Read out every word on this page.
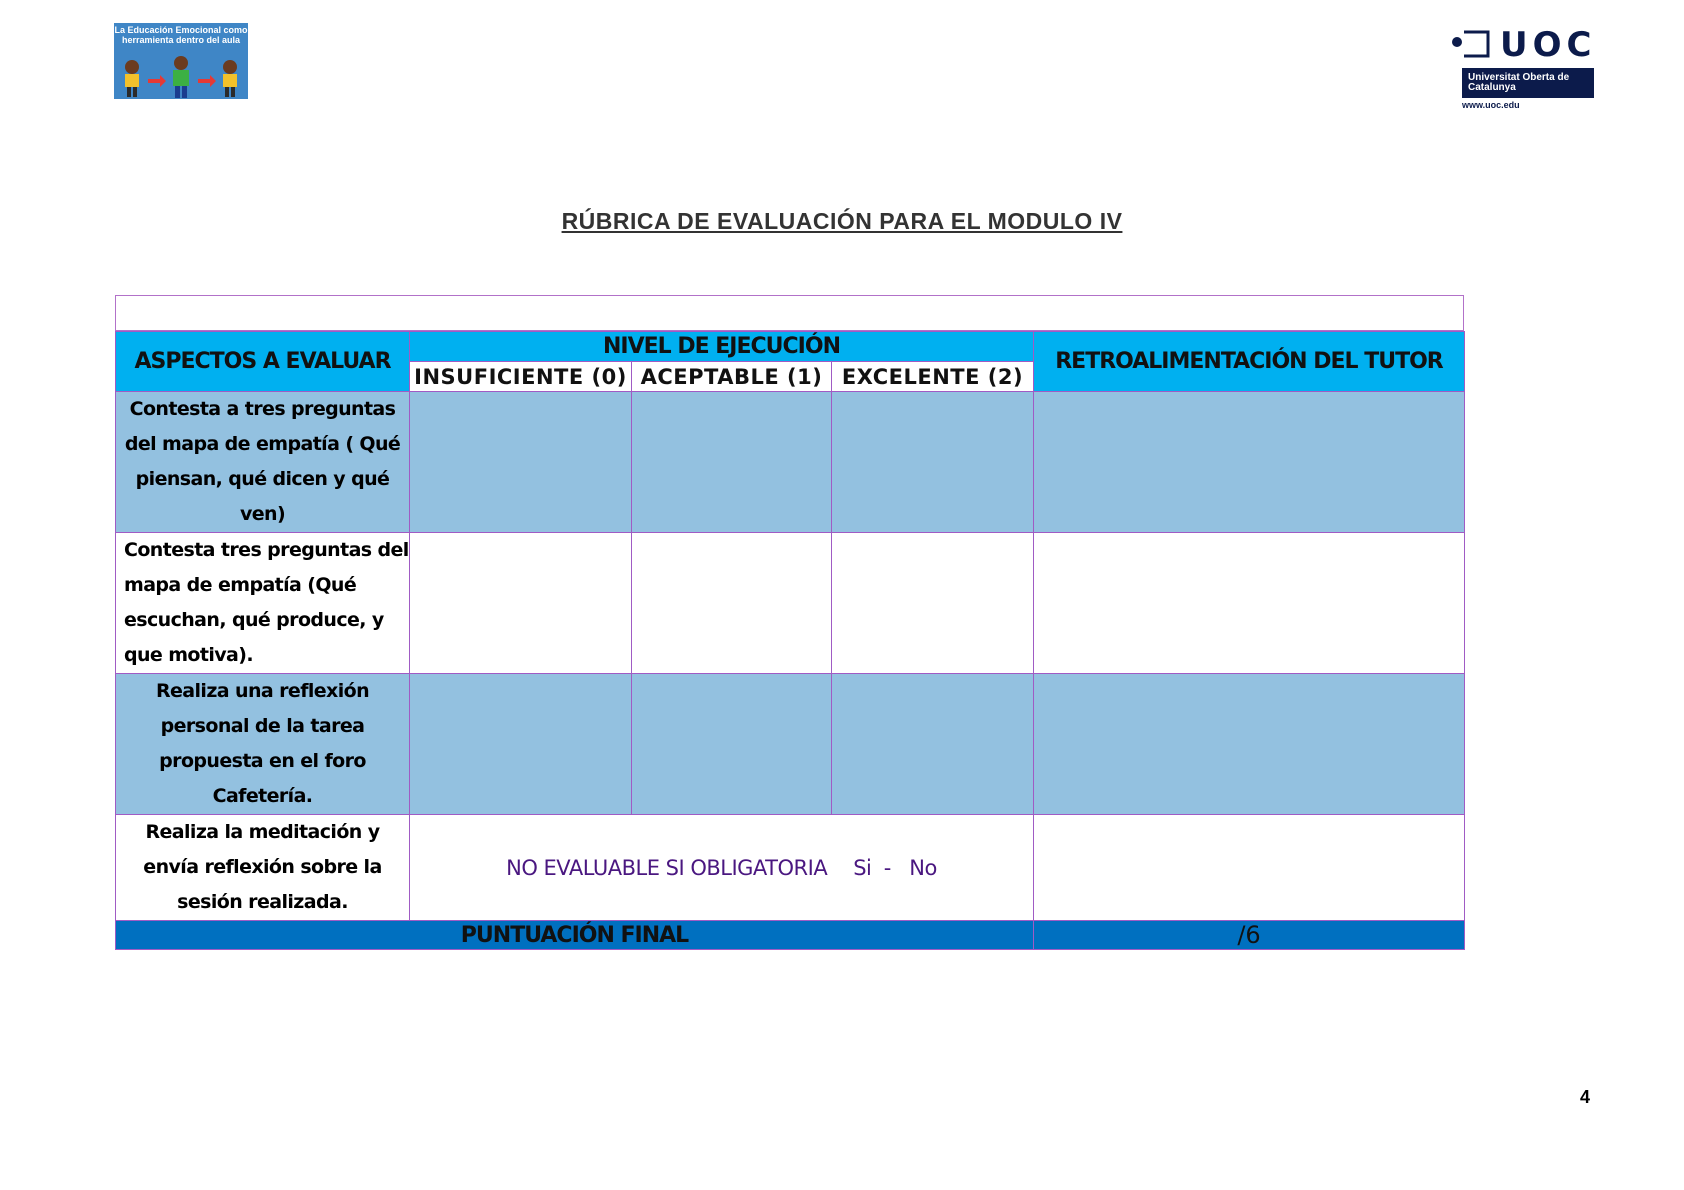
La Educación Emocional como herramienta dentro del aula	UOC
Universitat Oberta de Catalunya
www.uoc.edu
RÚBRICA DE EVALUACIÓN PARA EL MODULO IV
ASPECTOS A EVALUAR	NIVEL DE EJECUCIÓN			RETROALIMENTACIÓN DEL TUTOR
	INSUFICIENTE (0)	ACEPTABLE (1)	EXCELENTE (2)	
Contesta a tres preguntas del mapa de empatía ( Qué piensan, qué dicen y qué ven)				
Contesta tres preguntas del mapa de empatía (Qué escuchan, qué produce, y que motiva).				
Realiza una reflexión personal de la tarea propuesta en el foro Cafetería.				
Realiza la meditación y envía reflexión sobre la sesión realizada.	NO EVALUABLE SI OBLIGATORIA Si  -   No			
PUNTUACIÓN FINAL				/6
4
